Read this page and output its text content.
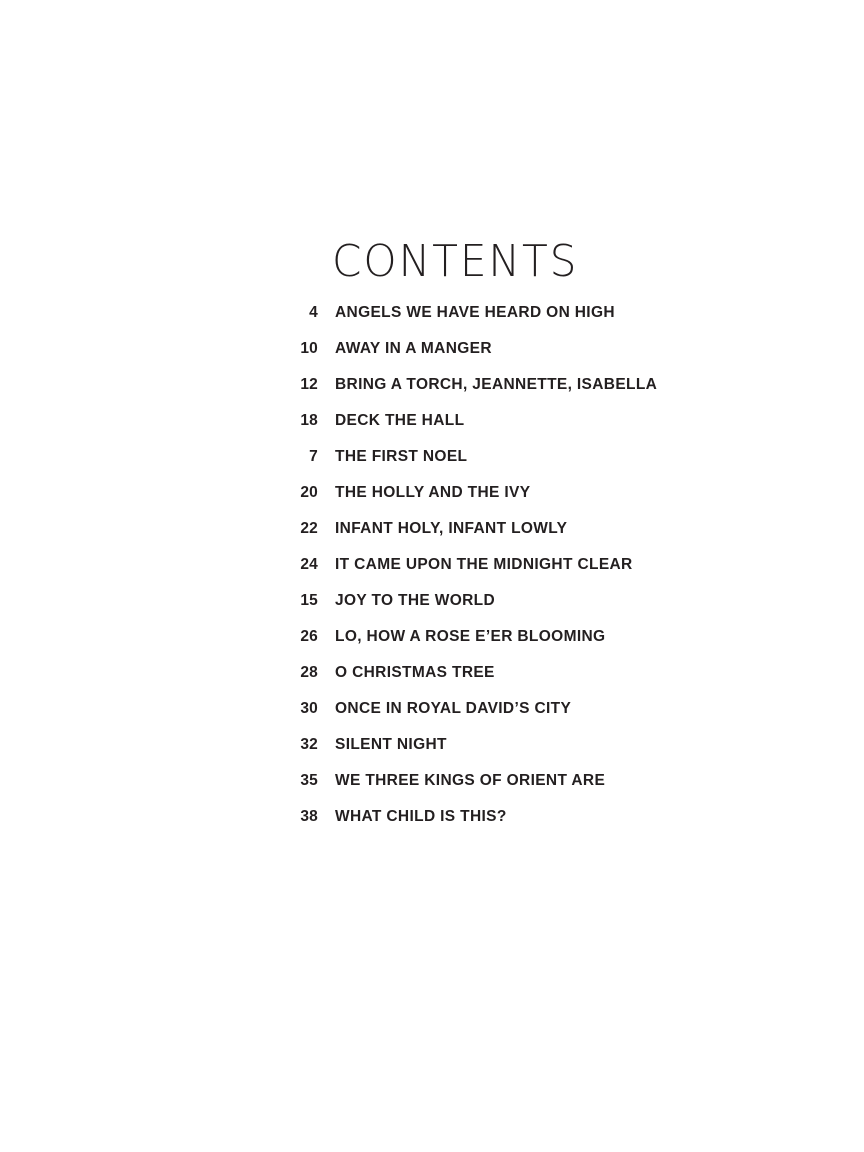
CONTENTS
4 ANGELS WE HAVE HEARD ON HIGH
10 AWAY IN A MANGER
12 BRING A TORCH, JEANNETTE, ISABELLA
18 DECK THE HALL
7 THE FIRST NOEL
20 THE HOLLY AND THE IVY
22 INFANT HOLY, INFANT LOWLY
24 IT CAME UPON THE MIDNIGHT CLEAR
15 JOY TO THE WORLD
26 LO, HOW A ROSE E’ER BLOOMING
28 O CHRISTMAS TREE
30 ONCE IN ROYAL DAVID’S CITY
32 SILENT NIGHT
35 WE THREE KINGS OF ORIENT ARE
38 WHAT CHILD IS THIS?
